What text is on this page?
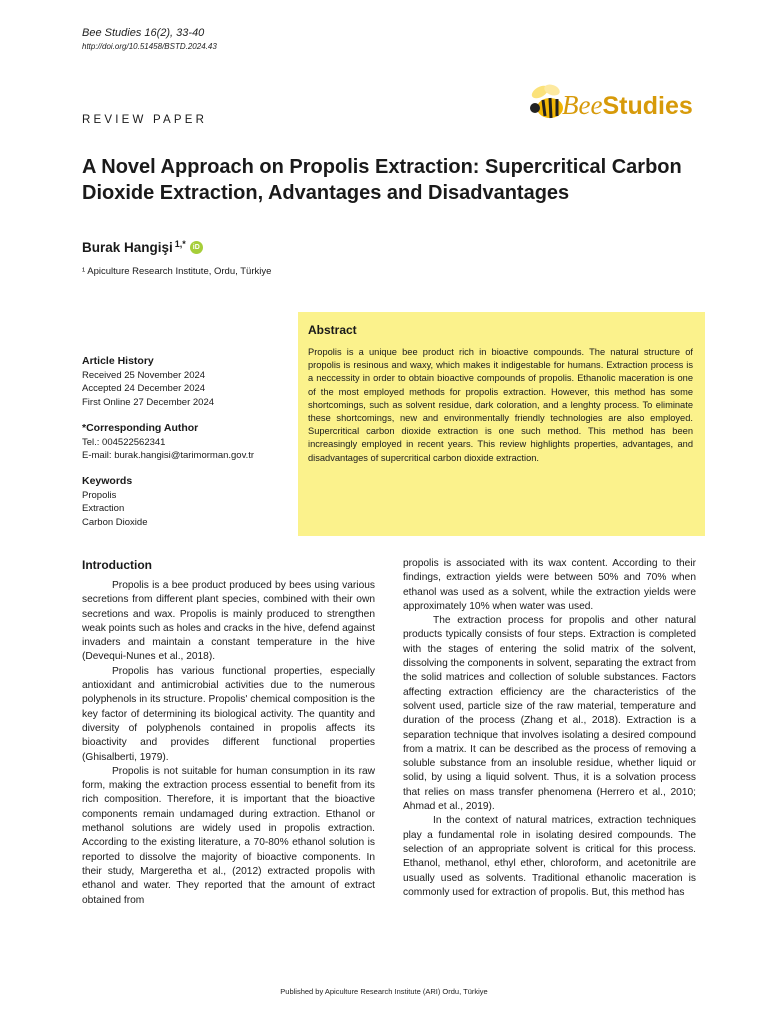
Bee Studies 16(2), 33-40
http://doi.org/10.51458/BSTD.2024.43
BeeStudies
REVIEW PAPER
A Novel Approach on Propolis Extraction: Supercritical Carbon Dioxide Extraction, Advantages and Disadvantages
Burak Hangişi$^{1,*}$	iD
¹ Apiculture Research Institute, Ordu, Türkiye
Article History
Received 25 November 2024
Accepted 24 December 2024
First Online 27 December 2024
*Corresponding Author
Tel.: 004522562341
E-mail: burak.hangisi@tarimorman.gov.tr
Keywords
Propolis
Extraction
Carbon Dioxide
Abstract

Propolis is a unique bee product rich in bioactive compounds. The natural structure of propolis is resinous and waxy, which makes it indigestable for humans. Extraction process is a neccessity in order to obtain bioactive compounds of propolis. Ethanolic maceration is one of the most employed methods for propolis extraction. However, this method has some shortcomings, such as solvent residue, dark coloration, and a lenghty process. To eliminate these shortcomings, new and environmentally friendly technologies are also employed. Supercritical carbon dioxide extraction is one such method. This method has been increasingly employed in recent years. This review highlights properties, advantages, and disadvantages of supercritical carbon dioxide extraction.

Introduction

Propolis is a bee product produced by bees using various secretions from different plant species, combined with their own secretions and wax. Propolis is mainly produced to strengthen weak points such as holes and cracks in the hive, defend against invaders and maintain a constant temperature in the hive (Devequi-Nunes et al., 2018).

Propolis has various functional properties, especially antioxidant and antimicrobial activities due to the numerous polyphenols in its structure. Propolis' chemical composition is the key factor of determining its biological activity. The quantity and diversity of polyphenols contained in propolis affects its bioactivity and provides different functional properties (Ghisalberti, 1979).

Propolis is not suitable for human consumption in its raw form, making the extraction process essential to benefit from its rich composition. Therefore, it is important that the bioactive components remain undamaged during extraction. Ethanol or methanol solutions are widely used in propolis extraction. According to the existing literature, a 70-80% ethanol solution is reported to dissolve the majority of bioactive components. In their study, Margeretha et al., (2012) extracted propolis with ethanol and water. They reported that the amount of extract obtained from

propolis is associated with its wax content. According to their findings, extraction yields were between 50% and 70% when ethanol was used as a solvent, while the extraction yields were approximately 10% when water was used.

The extraction process for propolis and other natural products typically consists of four steps. Extraction is completed with the stages of entering the solid matrix of the solvent, dissolving the components in solvent, separating the extract from the solid matrices and collection of soluble substances. Factors affecting extraction efficiency are the characteristics of the solvent used, particle size of the raw material, temperature and duration of the process (Zhang et al., 2018). Extraction is a separation technique that involves isolating a desired compound from a matrix. It can be described as the process of removing a soluble substance from an insoluble residue, whether liquid or solid, by using a liquid solvent. Thus, it is a solvation process that relies on mass transfer phenomena (Herrero et al., 2010; Ahmad et al., 2019).

In the context of natural matrices, extraction techniques play a fundamental role in isolating desired compounds. The selection of an appropriate solvent is critical for this process. Ethanol, methanol, ethyl ether, chloroform, and acetonitrile are usually used as solvents. Traditional ethanolic maceration is commonly used for extraction of propolis. But, this method has

Published by Apiculture Research Institute (ARI) Ordu, Türkiye
